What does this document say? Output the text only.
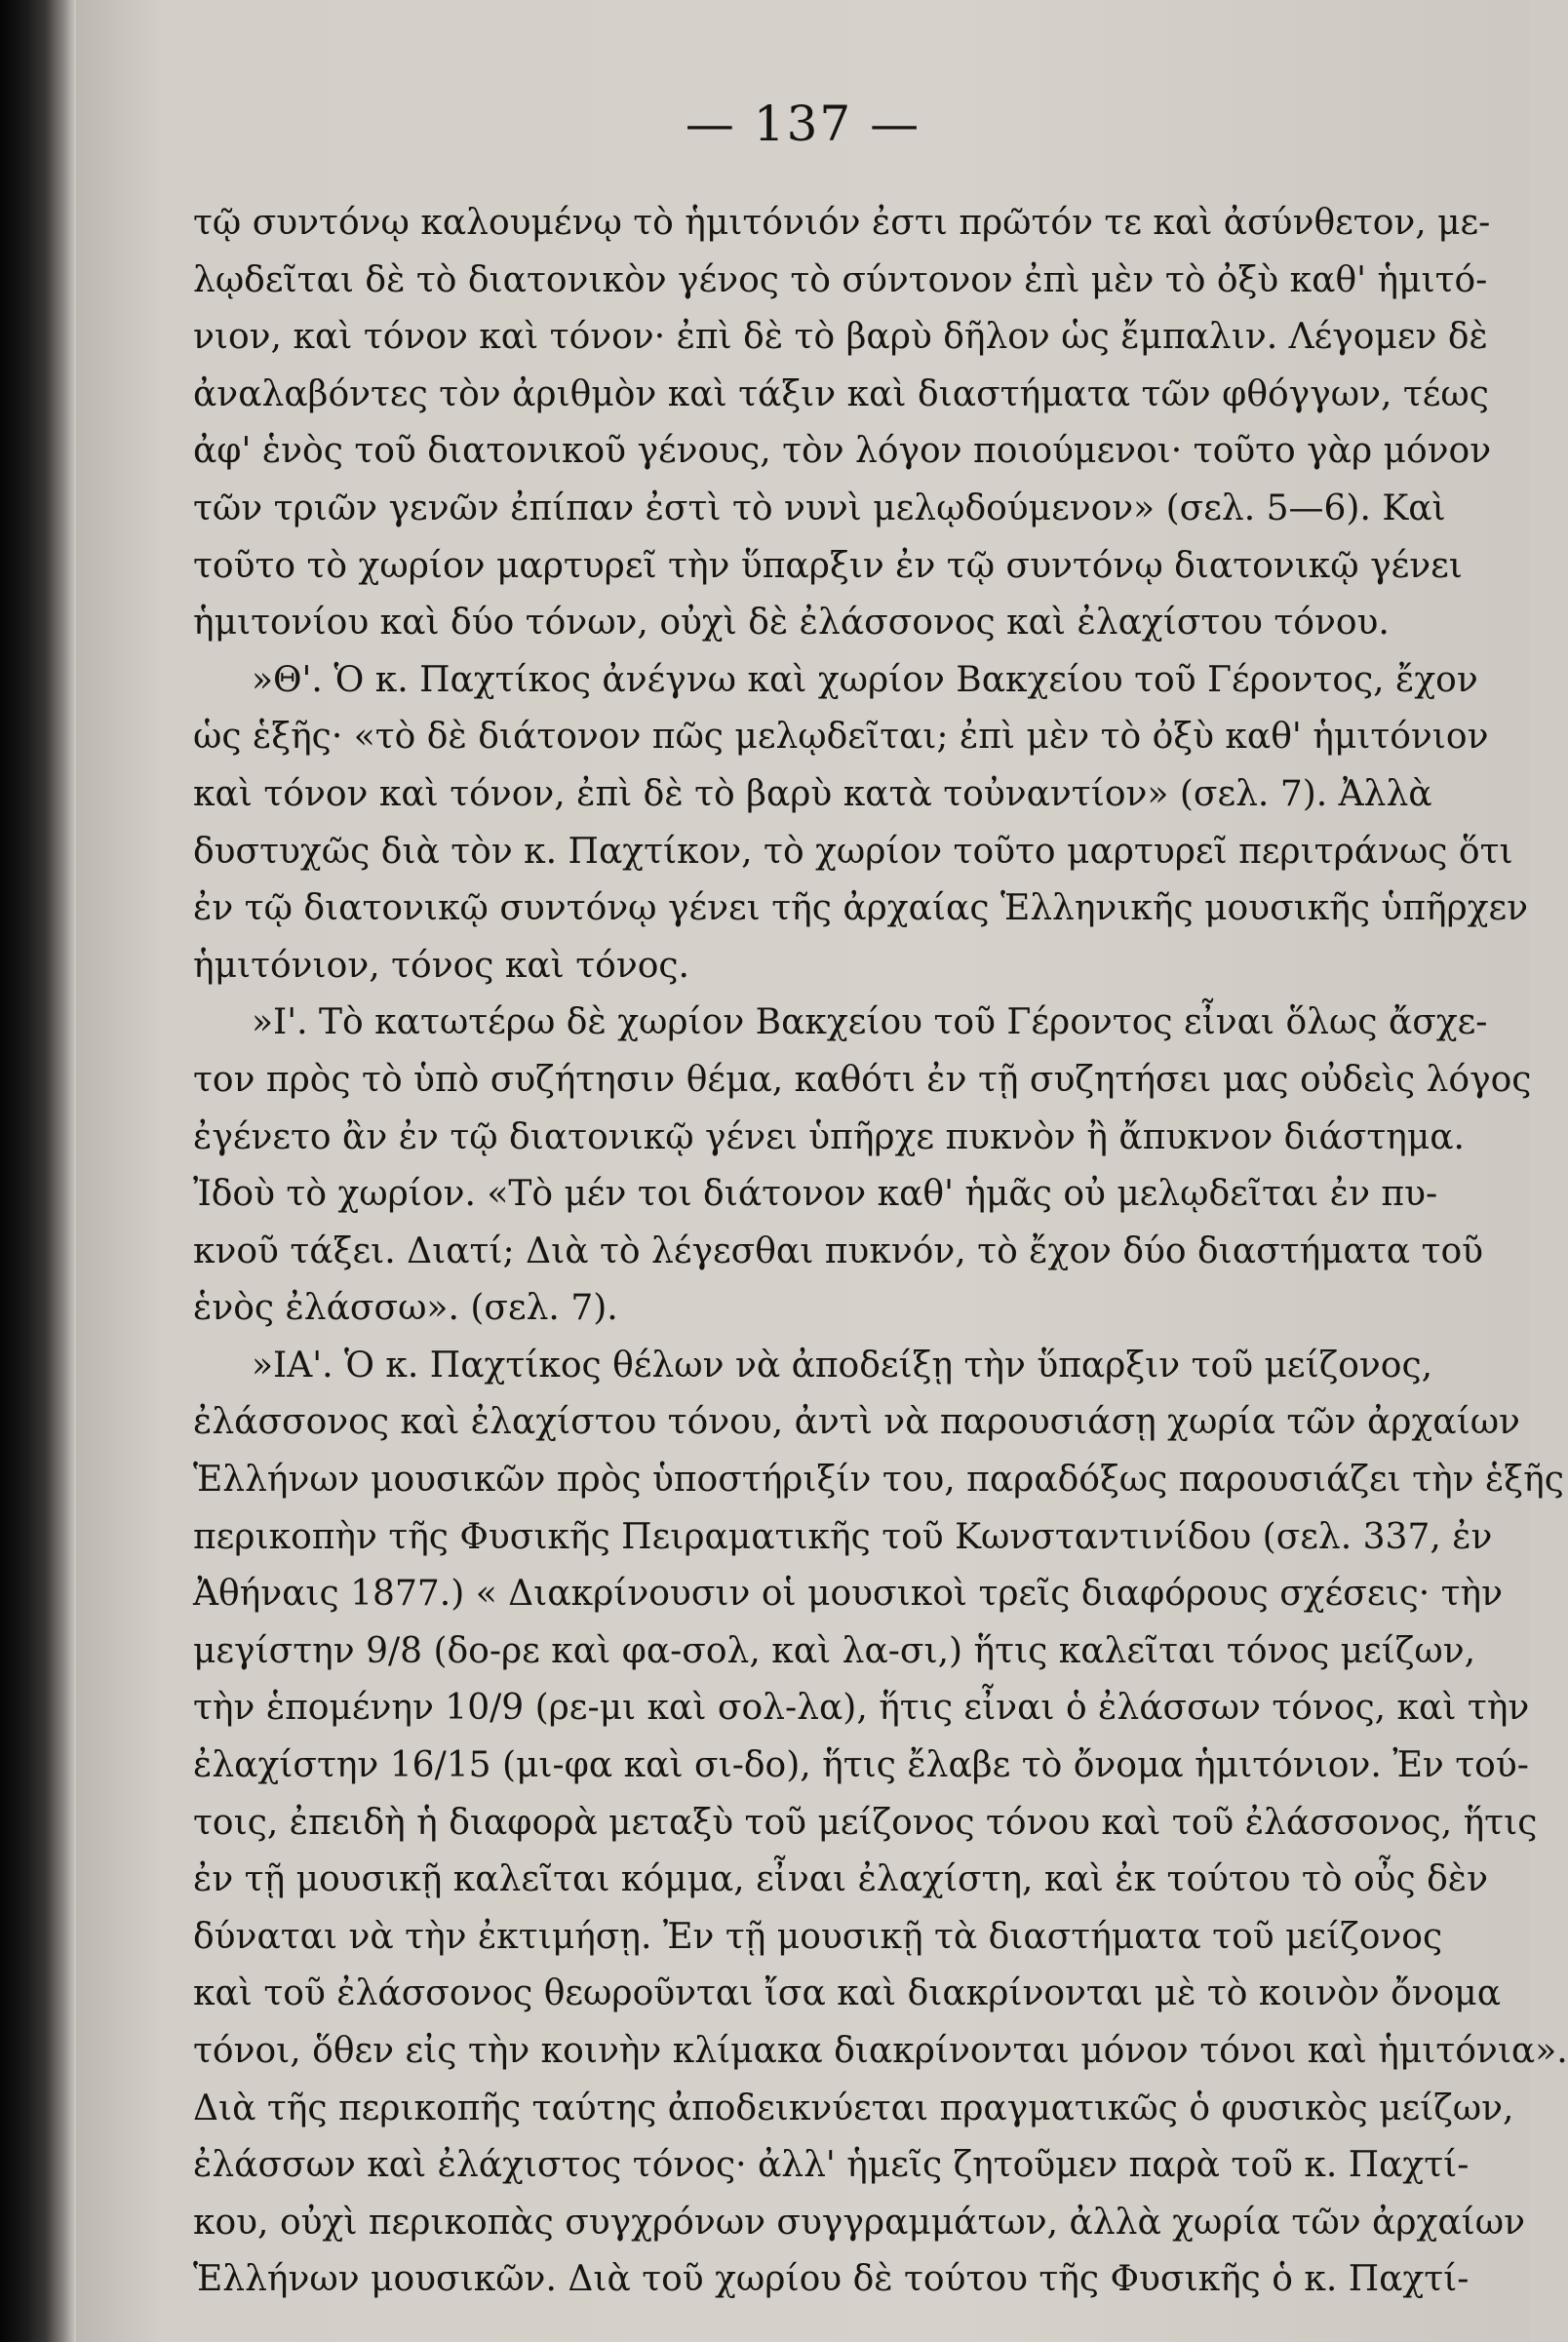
— 137 —
τῷ συντόνῳ καλουμένῳ τὸ ἡμιτόνιόν ἐστι πρῶτόν τε καὶ ἀσύνθετον, με-
λῳδεῖται δὲ τὸ διατονικὸν γένος τὸ σύντονον ἐπὶ μὲν τὸ ὀξὺ καθ' ἡμιτό-
νιον, καὶ τόνον καὶ τόνον· ἐπὶ δὲ τὸ βαρὺ δῆλον ὡς ἔμπαλιν. Λέγομεν δὲ
ἀναλαβόντες τὸν ἀριθμὸν καὶ τάξιν καὶ διαστήματα τῶν φθόγγων, τέως
ἀφ' ἑνὸς τοῦ διατονικοῦ γένους, τὸν λόγον ποιούμενοι· τοῦτο γὰρ μόνον
τῶν τριῶν γενῶν ἐπίπαν ἐστὶ τὸ νυνὶ μελῳδούμενον» (σελ. 5—6). Καὶ
τοῦτο τὸ χωρίον μαρτυρεῖ τὴν ὕπαρξιν ἐν τῷ συντόνῳ διατονικῷ γένει
ἡμιτονίου καὶ δύο τόνων, οὐχὶ δὲ ἐλάσσονος καὶ ἐλαχίστου τόνου.
»Θ'. Ὁ κ. Παχτίκος ἀνέγνω καὶ χωρίον Βακχείου τοῦ Γέροντος, ἔχον
ὡς ἑξῆς· «τὸ δὲ διάτονον πῶς μελῳδεῖται; ἐπὶ μὲν τὸ ὀξὺ καθ' ἡμιτόνιον
καὶ τόνον καὶ τόνον, ἐπὶ δὲ τὸ βαρὺ κατὰ τοὐναντίον» (σελ. 7). Ἀλλὰ
δυστυχῶς διὰ τὸν κ. Παχτίκον, τὸ χωρίον τοῦτο μαρτυρεῖ περιτράνως ὅτι
ἐν τῷ διατονικῷ συντόνῳ γένει τῆς ἀρχαίας Ἑλληνικῆς μουσικῆς ὑπῆρχεν
ἡμιτόνιον, τόνος καὶ τόνος.
»Ι'. Τὸ κατωτέρω δὲ χωρίον Βακχείου τοῦ Γέροντος εἶναι ὅλως ἄσχε-
τον πρὸς τὸ ὑπὸ συζήτησιν θέμα, καθότι ἐν τῇ συζητήσει μας οὐδεὶς λόγος
ἐγένετο ἂν ἐν τῷ διατονικῷ γένει ὑπῆρχε πυκνὸν ἢ ἄπυκνον διάστημα.
Ἰδοὺ τὸ χωρίον. «Τὸ μέν τοι διάτονον καθ' ἡμᾶς οὐ μελῳδεῖται ἐν πυ-
κνοῦ τάξει. Διατί; Διὰ τὸ λέγεσθαι πυκνόν, τὸ ἔχον δύο διαστήματα τοῦ
ἑνὸς ἐλάσσω». (σελ. 7).
»ΙΑ'. Ὁ κ. Παχτίκος θέλων νὰ ἀποδείξῃ τὴν ὕπαρξιν τοῦ μείζονος,
ἐλάσσονος καὶ ἐλαχίστου τόνου, ἀντὶ νὰ παρουσιάσῃ χωρία τῶν ἀρχαίων
Ἑλλήνων μουσικῶν πρὸς ὑποστήριξίν του, παραδόξως παρουσιάζει τὴν ἑξῆς
περικοπὴν τῆς Φυσικῆς Πειραματικῆς τοῦ Κωνσταντινίδου (σελ. 337, ἐν
Ἀθήναις 1877.) « Διακρίνουσιν οἱ μουσικοὶ τρεῖς διαφόρους σχέσεις· τὴν
μεγίστην 9/8 (δο-ρε καὶ φα-σολ, καὶ λα-σι,) ἥτις καλεῖται τόνος μείζων,
τὴν ἑπομένην 10/9 (ρε-μι καὶ σολ-λα), ἥτις εἶναι ὁ ἐλάσσων τόνος, καὶ τὴν
ἐλαχίστην 16/15 (μι-φα καὶ σι-δο), ἥτις ἔλαβε τὸ ὄνομα ἡμιτόνιον. Ἐν τού-
τοις, ἐπειδὴ ἡ διαφορὰ μεταξὺ τοῦ μείζονος τόνου καὶ τοῦ ἐλάσσονος, ἥτις
ἐν τῇ μουσικῇ καλεῖται κόμμα, εἶναι ἐλαχίστη, καὶ ἐκ τούτου τὸ οὖς δὲν
δύναται νὰ τὴν ἐκτιμήσῃ. Ἐν τῇ μουσικῇ τὰ διαστήματα τοῦ μείζονος
καὶ τοῦ ἐλάσσονος θεωροῦνται ἴσα καὶ διακρίνονται μὲ τὸ κοινὸν ὄνομα
τόνοι, ὅθεν εἰς τὴν κοινὴν κλίμακα διακρίνονται μόνον τόνοι καὶ ἡμιτόνια».
Διὰ τῆς περικοπῆς ταύτης ἀποδεικνύεται πραγματικῶς ὁ φυσικὸς μείζων,
ἐλάσσων καὶ ἐλάχιστος τόνος· ἀλλ' ἡμεῖς ζητοῦμεν παρὰ τοῦ κ. Παχτί-
κου, οὐχὶ περικοπὰς συγχρόνων συγγραμμάτων, ἀλλὰ χωρία τῶν ἀρχαίων
Ἑλλήνων μουσικῶν. Διὰ τοῦ χωρίου δὲ τούτου τῆς Φυσικῆς ὁ κ. Παχτί-
